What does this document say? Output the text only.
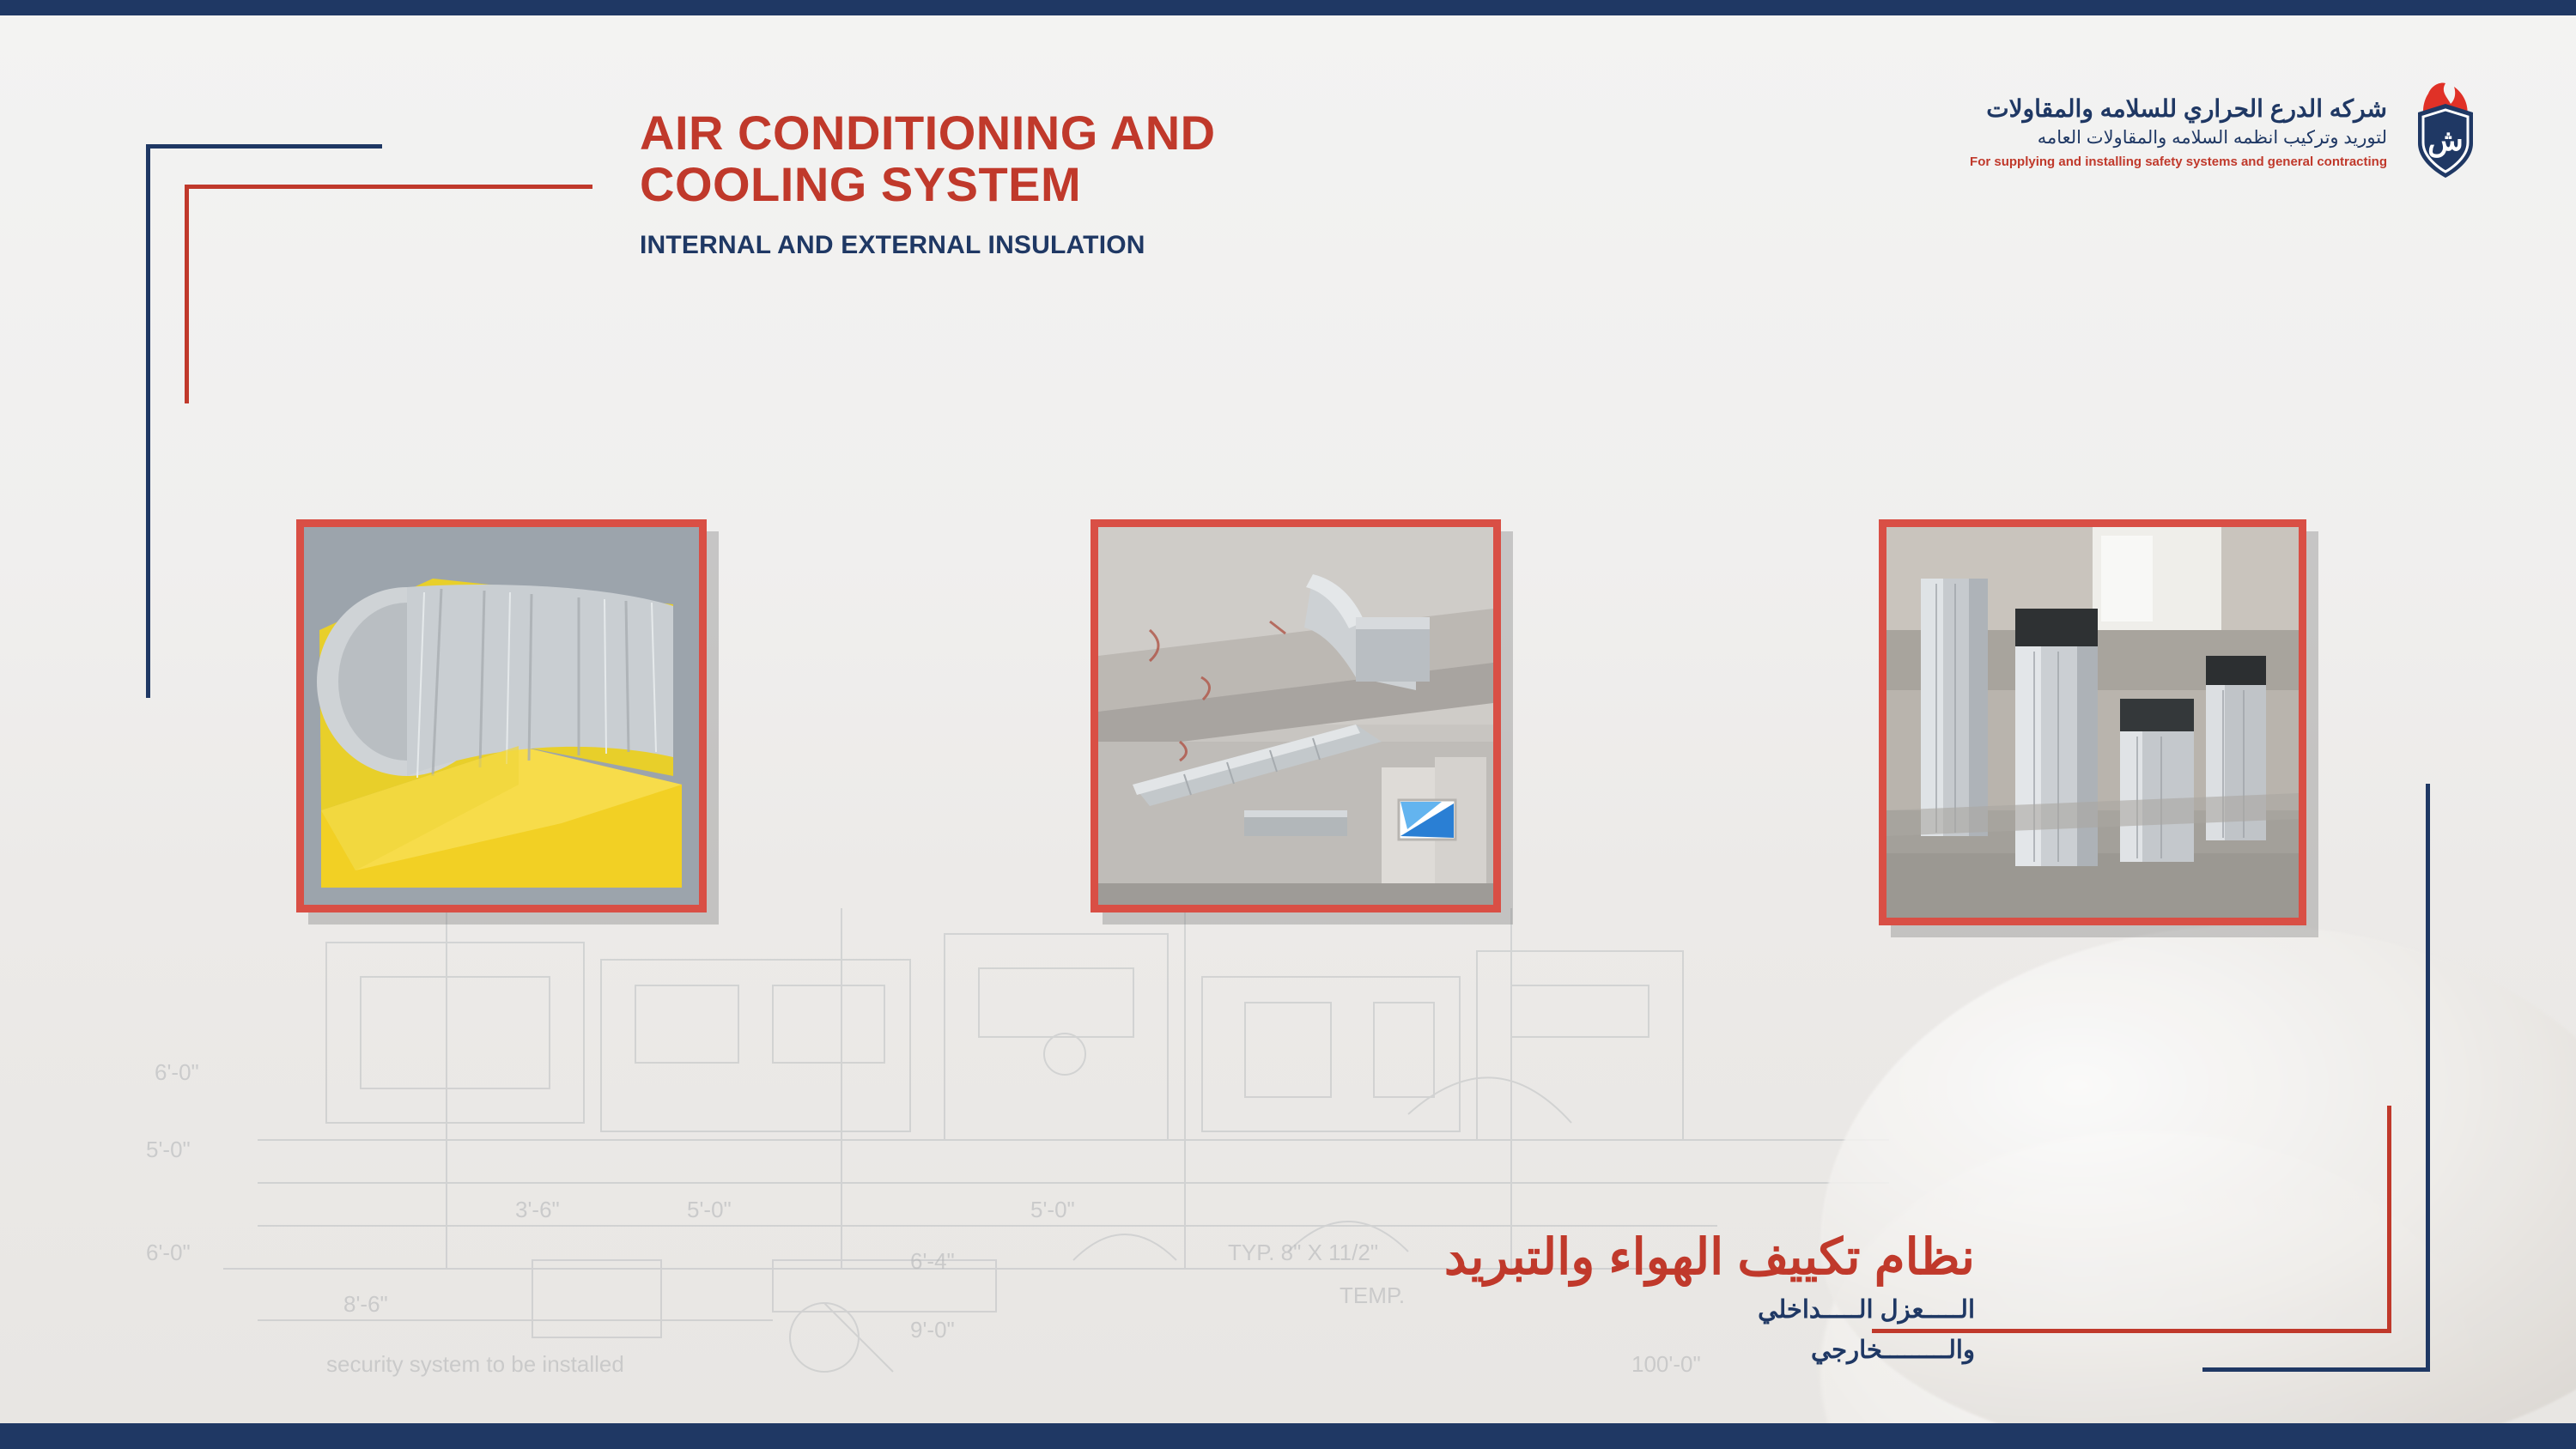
6'-0"
5'-0"
6'-0"
8'-6"
3'-6"	5'-0"
6'-4"
5'-0"
9'-0"
100'-0"
security system to be installed
TYP. 8" X 11/2"
TEMP.
AIR CONDITIONING AND
COOLING SYSTEM
INTERNAL AND EXTERNAL INSULATION
شركه الدرع الحراري للسلامه والمقاولات
لتوريد وتركيب انظمه السلامه والمقاولات العامه
For supplying and installing safety systems and general contracting
ش
نظام تكييف الهواء والتبريد
الـــــعزل الـــــداخلي
والـــــــــخارجي
